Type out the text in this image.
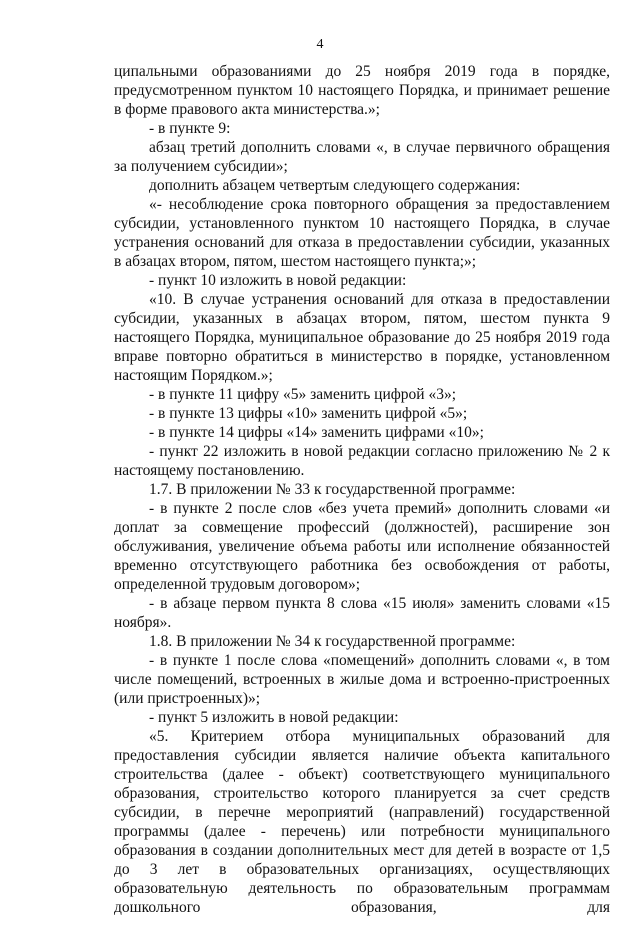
4

ципальными образованиями до 25 ноября 2019 года в порядке, предусмотренном пунктом 10 настоящего Порядка, и принимает решение в форме правового акта министерства.»;

- в пункте 9:

абзац третий дополнить словами «, в случае первичного обращения за получением субсидии»;

дополнить абзацем четвертым следующего содержания:

«- несоблюдение срока повторного обращения за предоставлением субсидии, установленного пунктом 10 настоящего Порядка, в случае устранения оснований для отказа в предоставлении субсидии, указанных в абзацах втором, пятом, шестом настоящего пункта;»;

- пункт 10 изложить в новой редакции:

«10. В случае устранения оснований для отказа в предоставлении субсидии, указанных в абзацах втором, пятом, шестом пункта 9 настоящего Порядка, муниципальное образование до 25 ноября 2019 года вправе повторно обратиться в министерство в порядке, установленном настоящим Порядком.»;

- в пункте 11 цифру «5» заменить цифрой «3»;

- в пункте 13 цифры «10» заменить цифрой «5»;

- в пункте 14 цифры «14» заменить цифрами «10»;

- пункт 22 изложить в новой редакции согласно приложению № 2 к настоящему постановлению.

1.7. В приложении № 33 к государственной программе:

- в пункте 2 после слов «без учета премий» дополнить словами «и доплат за совмещение профессий (должностей), расширение зон обслуживания, увеличение объема работы или исполнение обязанностей временно отсутствующего работника без освобождения от работы, определенной трудовым договором»;

- в абзаце первом пункта 8 слова «15 июля» заменить словами «15 ноября».

1.8. В приложении № 34 к государственной программе:

- в пункте 1 после слова «помещений» дополнить словами «, в том числе помещений, встроенных в жилые дома и встроенно-пристроенных (или пристроенных)»;

- пункт 5 изложить в новой редакции:

«5. Критерием отбора муниципальных образований для предоставления субсидии является наличие объекта капитального строительства (далее - объект) соответствующего муниципального образования, строительство которого планируется за счет средств субсидии, в перечне мероприятий (направлений) государственной программы (далее - перечень) или потребности муниципального образования в создании дополнительных мест для детей в возрасте от 1,5 до 3 лет в образовательных организациях, осуществляющих образовательную деятельность по образовательным программам дошкольного образования, для
